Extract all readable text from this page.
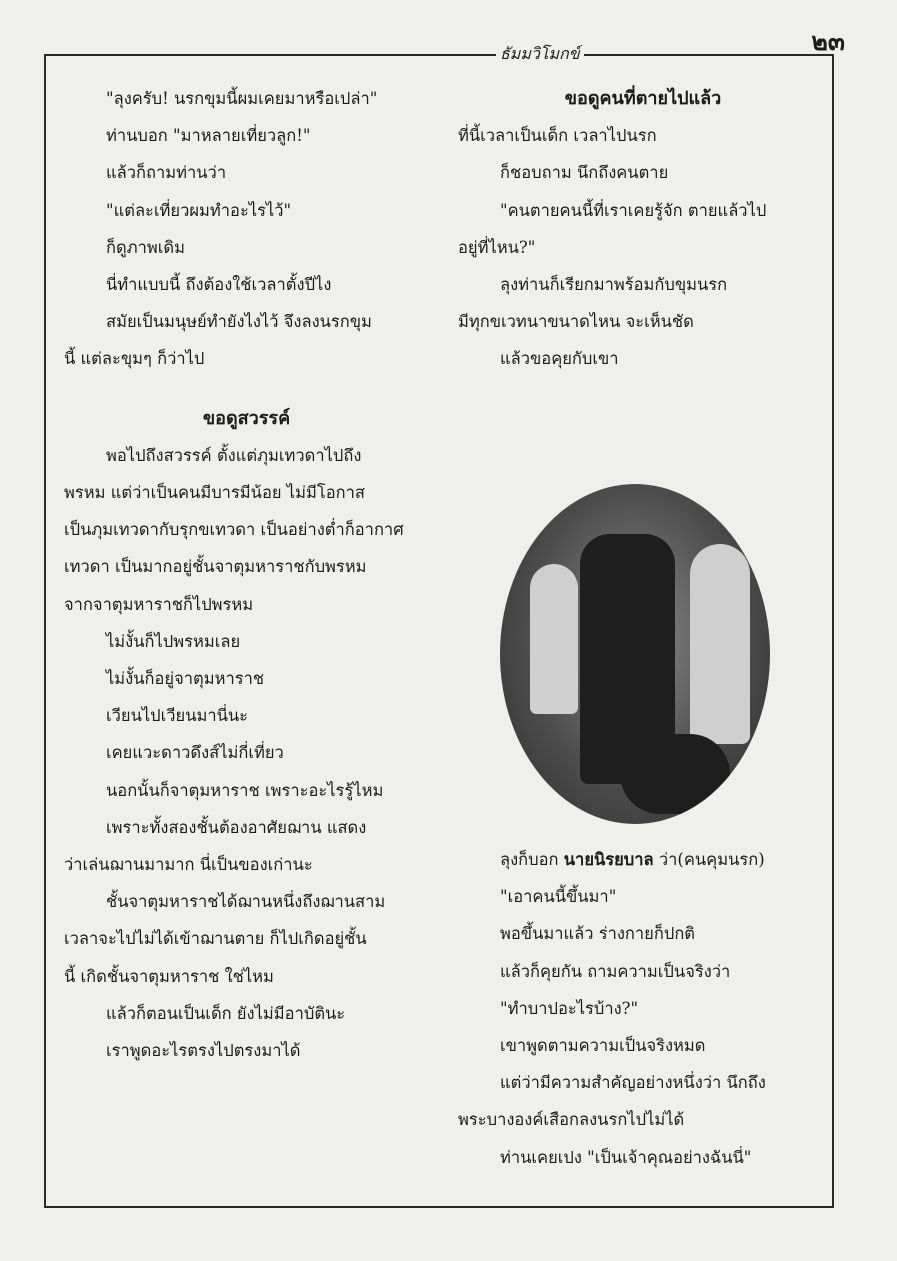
๒๓
ธัมมวิโมกข์
"ลุงครับ! นรกขุมนี้ผมเคยมาหรือเปล่า"
ท่านบอก "มาหลายเที่ยวลูก!"
แล้วก็ถามท่านว่า
"แต่ละเที่ยวผมทำอะไรไว้"
ก็ดูภาพเดิม
นี่ทำแบบนี้ ถึงต้องใช้เวลาตั้งปีไง
สมัยเป็นมนุษย์ทำยังไงไว้ จึงลงนรกขุม
นี้ แต่ละขุมๆ ก็ว่าไป
ขอดูสวรรค์
พอไปถึงสวรรค์ ตั้งแต่ภุมเทวดาไปถึง
พรหม แต่ว่าเป็นคนมีบารมีน้อย ไม่มีโอกาส
เป็นภุมเทวดากับรุกขเทวดา เป็นอย่างต่ำก็อากาศ
เทวดา เป็นมากอยู่ชั้นจาตุมหาราชกับพรหม
จากจาตุมหาราชก็ไปพรหม
ไม่งั้นก็ไปพรหมเลย
ไม่งั้นก็อยู่จาตุมหาราช
เวียนไปเวียนมานี่นะ
เคยแวะดาวดึงส์ไม่กี่เที่ยว
นอกนั้นก็จาตุมหาราช เพราะอะไรรู้ไหม
เพราะทั้งสองชั้นต้องอาศัยฌาน แสดง
ว่าเล่นฌานมามาก นี่เป็นของเก่านะ
ชั้นจาตุมหาราชได้ฌานหนึ่งถึงฌานสาม
เวลาจะไปไม่ได้เข้าฌานตาย ก็ไปเกิดอยู่ชั้น
นี้ เกิดชั้นจาตุมหาราช ใช่ไหม
แล้วก็ตอนเป็นเด็ก ยังไม่มีอาบัตินะ
เราพูดอะไรตรงไปตรงมาได้
ขอดูคนที่ตายไปแล้ว
ที่นี้เวลาเป็นเด็ก เวลาไปนรก
ก็ชอบถาม นึกถึงคนตาย
"คนตายคนนี้ที่เราเคยรู้จัก ตายแล้วไป
อยู่ที่ไหน?"
ลุงท่านก็เรียกมาพร้อมกับขุมนรก
มีทุกขเวทนาขนาดไหน จะเห็นชัด
แล้วขอคุยกับเขา
ลุงก็บอก นายนิรยบาล ว่า(คนคุมนรก)
"เอาคนนี้ขึ้นมา"
พอขึ้นมาแล้ว ร่างกายก็ปกติ
แล้วก็คุยกัน ถามความเป็นจริงว่า
"ทำบาปอะไรบ้าง?"
เขาพูดตามความเป็นจริงหมด
แต่ว่ามีความสำคัญอย่างหนึ่งว่า นึกถึง
พระบางองค์เสือกลงนรกไปไม่ได้
ท่านเคยเปง "เป็นเจ้าคุณอย่างฉันนี่"
